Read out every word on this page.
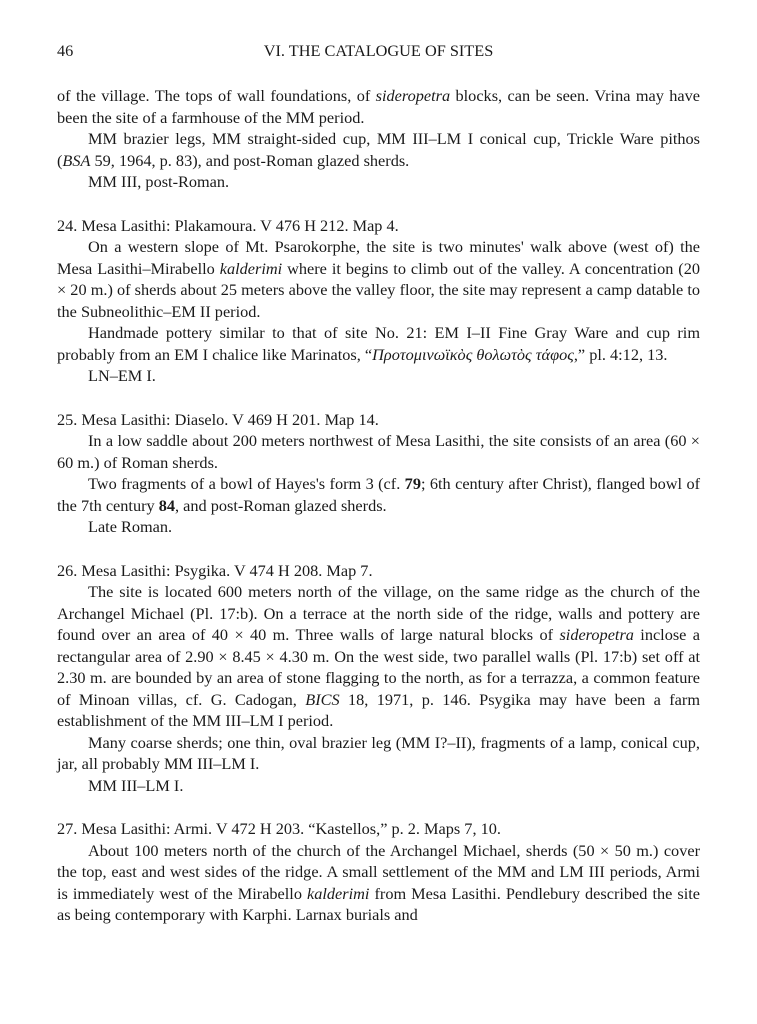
46	VI. THE CATALOGUE OF SITES

of the village. The tops of wall foundations, of sideropetra blocks, can be seen. Vrina may have been the site of a farmhouse of the MM period.

MM brazier legs, MM straight-sided cup, MM III–LM I conical cup, Trickle Ware pithos (BSA 59, 1964, p. 83), and post-Roman glazed sherds.

MM III, post-Roman.

24. Mesa Lasithi: Plakamoura. V 476 H 212. Map 4.

On a western slope of Mt. Psarokorphe, the site is two minutes' walk above (west of) the Mesa Lasithi–Mirabello kalderimi where it begins to climb out of the valley. A concentration (20 × 20 m.) of sherds about 25 meters above the valley floor, the site may represent a camp datable to the Subneolithic–EM II period.

Handmade pottery similar to that of site No. 21: EM I–II Fine Gray Ware and cup rim probably from an EM I chalice like Marinatos, “Προτομινωϊκὸς θολωτὸς τάφος,” pl. 4:12, 13.

LN–EM I.

25. Mesa Lasithi: Diaselo. V 469 H 201. Map 14.

In a low saddle about 200 meters northwest of Mesa Lasithi, the site consists of an area (60 × 60 m.) of Roman sherds.

Two fragments of a bowl of Hayes's form 3 (cf. 79; 6th century after Christ), flanged bowl of the 7th century 84, and post-Roman glazed sherds.

Late Roman.

26. Mesa Lasithi: Psygika. V 474 H 208. Map 7.

The site is located 600 meters north of the village, on the same ridge as the church of the Archangel Michael (Pl. 17:b). On a terrace at the north side of the ridge, walls and pottery are found over an area of 40 × 40 m. Three walls of large natural blocks of sideropetra inclose a rectangular area of 2.90 × 8.45 × 4.30 m. On the west side, two parallel walls (Pl. 17:b) set off at 2.30 m. are bounded by an area of stone flagging to the north, as for a terrazza, a common feature of Minoan villas, cf. G. Cadogan, BICS 18, 1971, p. 146. Psygika may have been a farm establishment of the MM III–LM I period.

Many coarse sherds; one thin, oval brazier leg (MM I?–II), fragments of a lamp, conical cup, jar, all probably MM III–LM I.

MM III–LM I.

27. Mesa Lasithi: Armi. V 472 H 203. “Kastellos,” p. 2. Maps 7, 10.

About 100 meters north of the church of the Archangel Michael, sherds (50 × 50 m.) cover the top, east and west sides of the ridge. A small settlement of the MM and LM III periods, Armi is immediately west of the Mirabello kalderimi from Mesa Lasithi. Pendlebury described the site as being contemporary with Karphi. Larnax burials and
